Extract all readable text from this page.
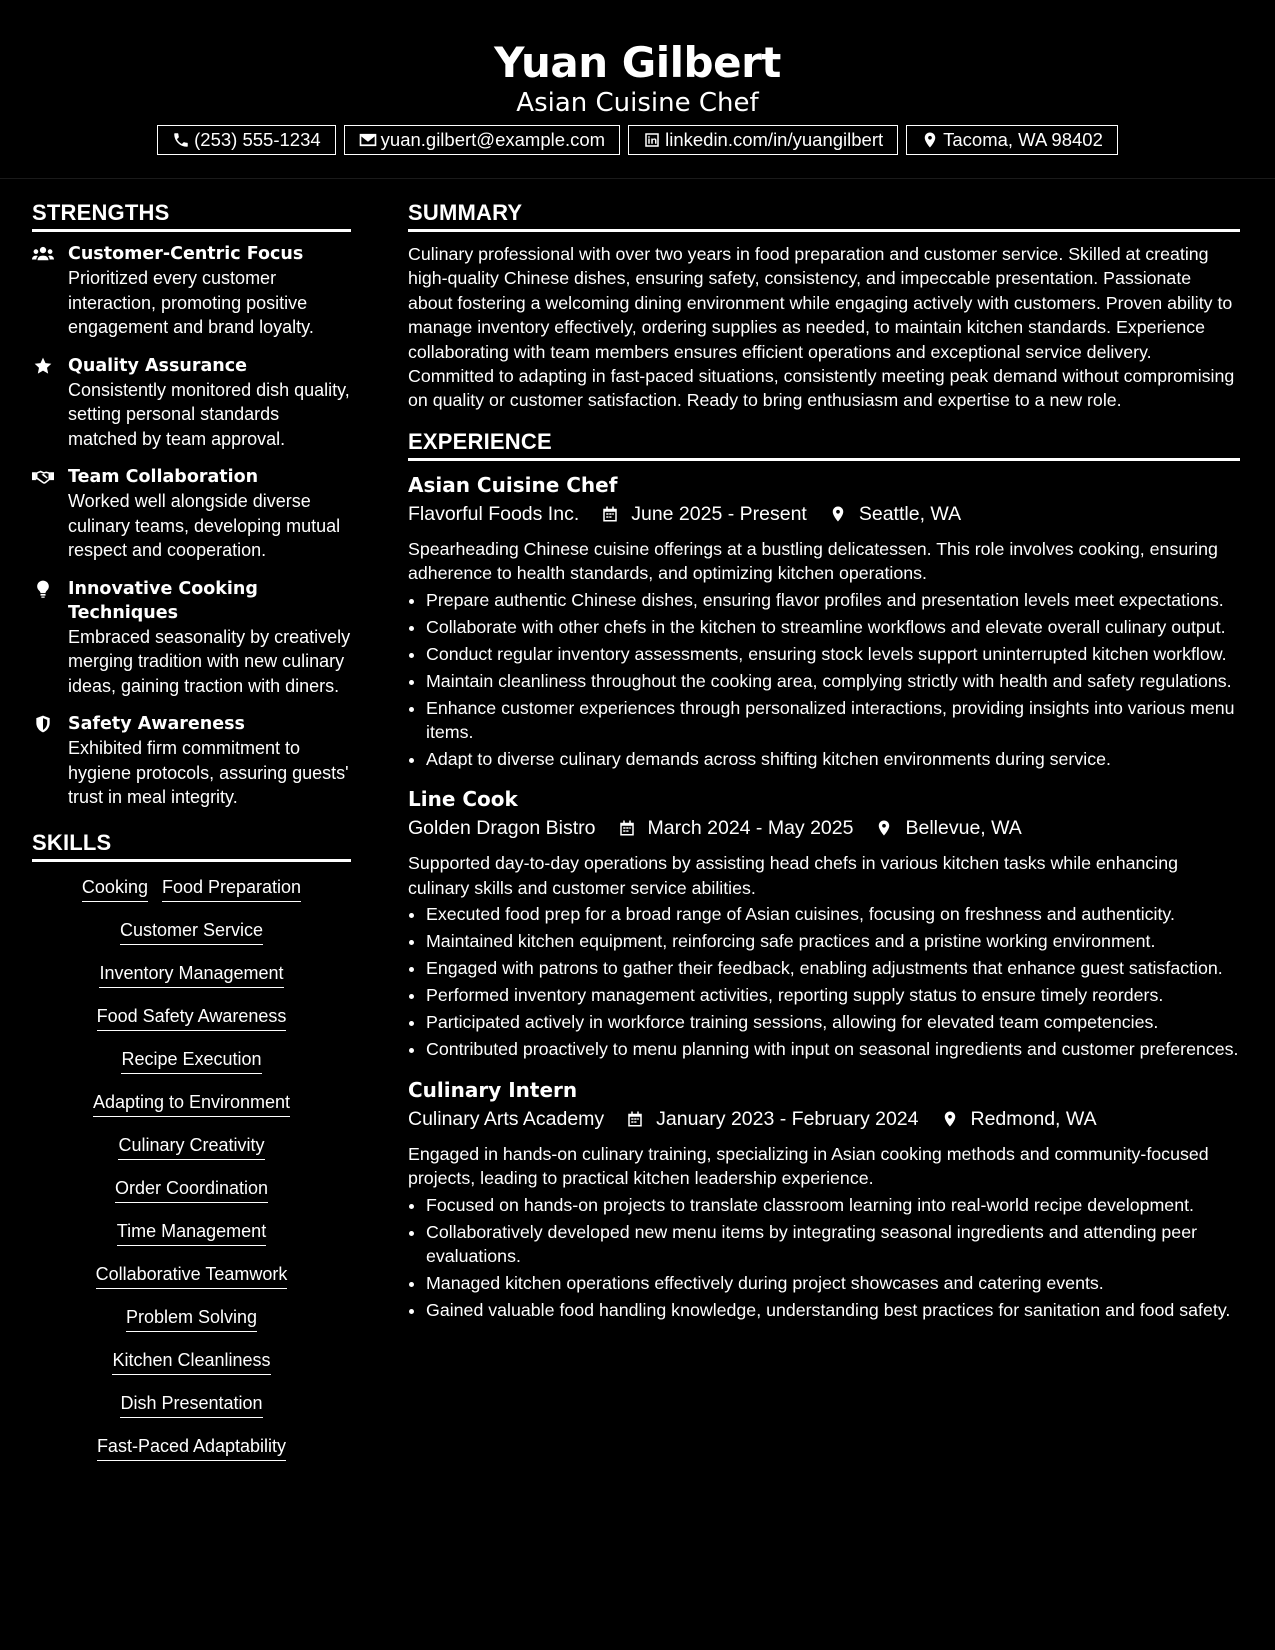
Yuan Gilbert
Asian Cuisine Chef
(253) 555-1234	yuan.gilbert@example.com	linkedin.com/in/yuangilbert	Tacoma, WA 98402
STRENGTHS
Customer-Centric Focus
Prioritized every customer interaction, promoting positive engagement and brand loyalty.
Quality Assurance
Consistently monitored dish quality, setting personal standards matched by team approval.
Team Collaboration
Worked well alongside diverse culinary teams, developing mutual respect and cooperation.
Innovative Cooking Techniques
Embraced seasonality by creatively merging tradition with new culinary ideas, gaining traction with diners.
Safety Awareness
Exhibited firm commitment to hygiene protocols, assuring guests' trust in meal integrity.
SKILLS
Cooking Food Preparation
Customer Service
Inventory Management
Food Safety Awareness
Recipe Execution
Adapting to Environment
Culinary Creativity
Order Coordination
Time Management
Collaborative Teamwork
Problem Solving
Kitchen Cleanliness
Dish Presentation
Fast-Paced Adaptability
SUMMARY
Culinary professional with over two years in food preparation and customer service. Skilled at creating high-quality Chinese dishes, ensuring safety, consistency, and impeccable presentation. Passionate about fostering a welcoming dining environment while engaging actively with customers. Proven ability to manage inventory effectively, ordering supplies as needed, to maintain kitchen standards. Experience collaborating with team members ensures efficient operations and exceptional service delivery. Committed to adapting in fast-paced situations, consistently meeting peak demand without compromising on quality or customer satisfaction. Ready to bring enthusiasm and expertise to a new role.
EXPERIENCE
Asian Cuisine Chef
Flavorful Foods Inc.	June 2025 - Present	Seattle, WA
Spearheading Chinese cuisine offerings at a bustling delicatessen. This role involves cooking, ensuring adherence to health standards, and optimizing kitchen operations.
• Prepare authentic Chinese dishes, ensuring flavor profiles and presentation levels meet expectations.
• Collaborate with other chefs in the kitchen to streamline workflows and elevate overall culinary output.
• Conduct regular inventory assessments, ensuring stock levels support uninterrupted kitchen workflow.
• Maintain cleanliness throughout the cooking area, complying strictly with health and safety regulations.
• Enhance customer experiences through personalized interactions, providing insights into various menu items.
• Adapt to diverse culinary demands across shifting kitchen environments during service.
Line Cook
Golden Dragon Bistro	March 2024 - May 2025	Bellevue, WA
Supported day-to-day operations by assisting head chefs in various kitchen tasks while enhancing culinary skills and customer service abilities.
• Executed food prep for a broad range of Asian cuisines, focusing on freshness and authenticity.
• Maintained kitchen equipment, reinforcing safe practices and a pristine working environment.
• Engaged with patrons to gather their feedback, enabling adjustments that enhance guest satisfaction.
• Performed inventory management activities, reporting supply status to ensure timely reorders.
• Participated actively in workforce training sessions, allowing for elevated team competencies.
• Contributed proactively to menu planning with input on seasonal ingredients and customer preferences.
Culinary Intern
Culinary Arts Academy	January 2023 - February 2024	Redmond, WA
Engaged in hands-on culinary training, specializing in Asian cooking methods and community-focused projects, leading to practical kitchen leadership experience.
• Focused on hands-on projects to translate classroom learning into real-world recipe development.
• Collaboratively developed new menu items by integrating seasonal ingredients and attending peer evaluations.
• Managed kitchen operations effectively during project showcases and catering events.
• Gained valuable food handling knowledge, understanding best practices for sanitation and food safety.
